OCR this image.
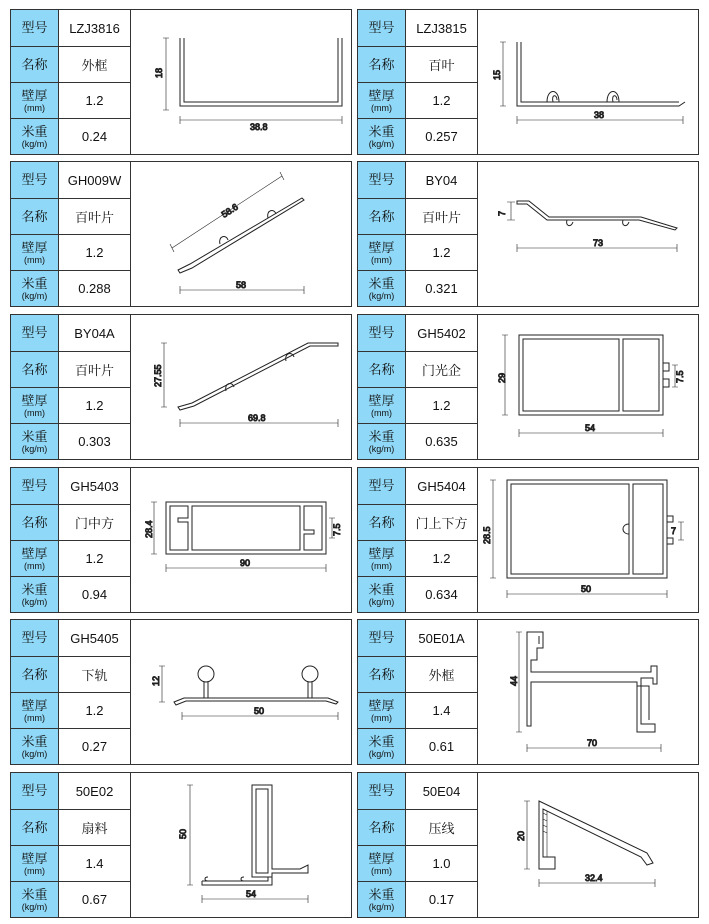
型号	LZJ3816
名称	外框
壁厚
(mm)	1.2
米重
(kg/m)	0.24
18
38.8
型号	LZJ3815
名称	百叶
壁厚
(mm)	1.2
米重
(kg/m)	0.257
15
38
型号	GH009W
名称	百叶片
壁厚
(mm)	1.2
米重
(kg/m)	0.288
58.6
58
型号	BY04
名称	百叶片
壁厚
(mm)	1.2
米重
(kg/m)	0.321
7
73
型号	BY04A
名称	百叶片
壁厚
(mm)	1.2
米重
(kg/m)	0.303
27.55
69.8
型号	GH5402
名称	门光企
壁厚
(mm)	1.2
米重
(kg/m)	0.635
29	7.5
54
型号	GH5403
名称	门中方
壁厚
(mm)	1.2
米重
(kg/m)	0.94
28.4	7.5
90
型号	GH5404
名称	门上下方
壁厚
(mm)	1.2
米重
(kg/m)	0.634
28.5	7
50
型号	GH5405
名称	下轨
壁厚
(mm)	1.2
米重
(kg/m)	0.27
12
50
型号	50E01A
名称	外框
壁厚
(mm)	1.4
米重
(kg/m)	0.61
44
70
型号	50E02
名称	扇料
壁厚
(mm)	1.4
米重
(kg/m)	0.67
50
54
型号	50E04
名称	压线
壁厚
(mm)	1.0
米重
(kg/m)	0.17
20
32.4
